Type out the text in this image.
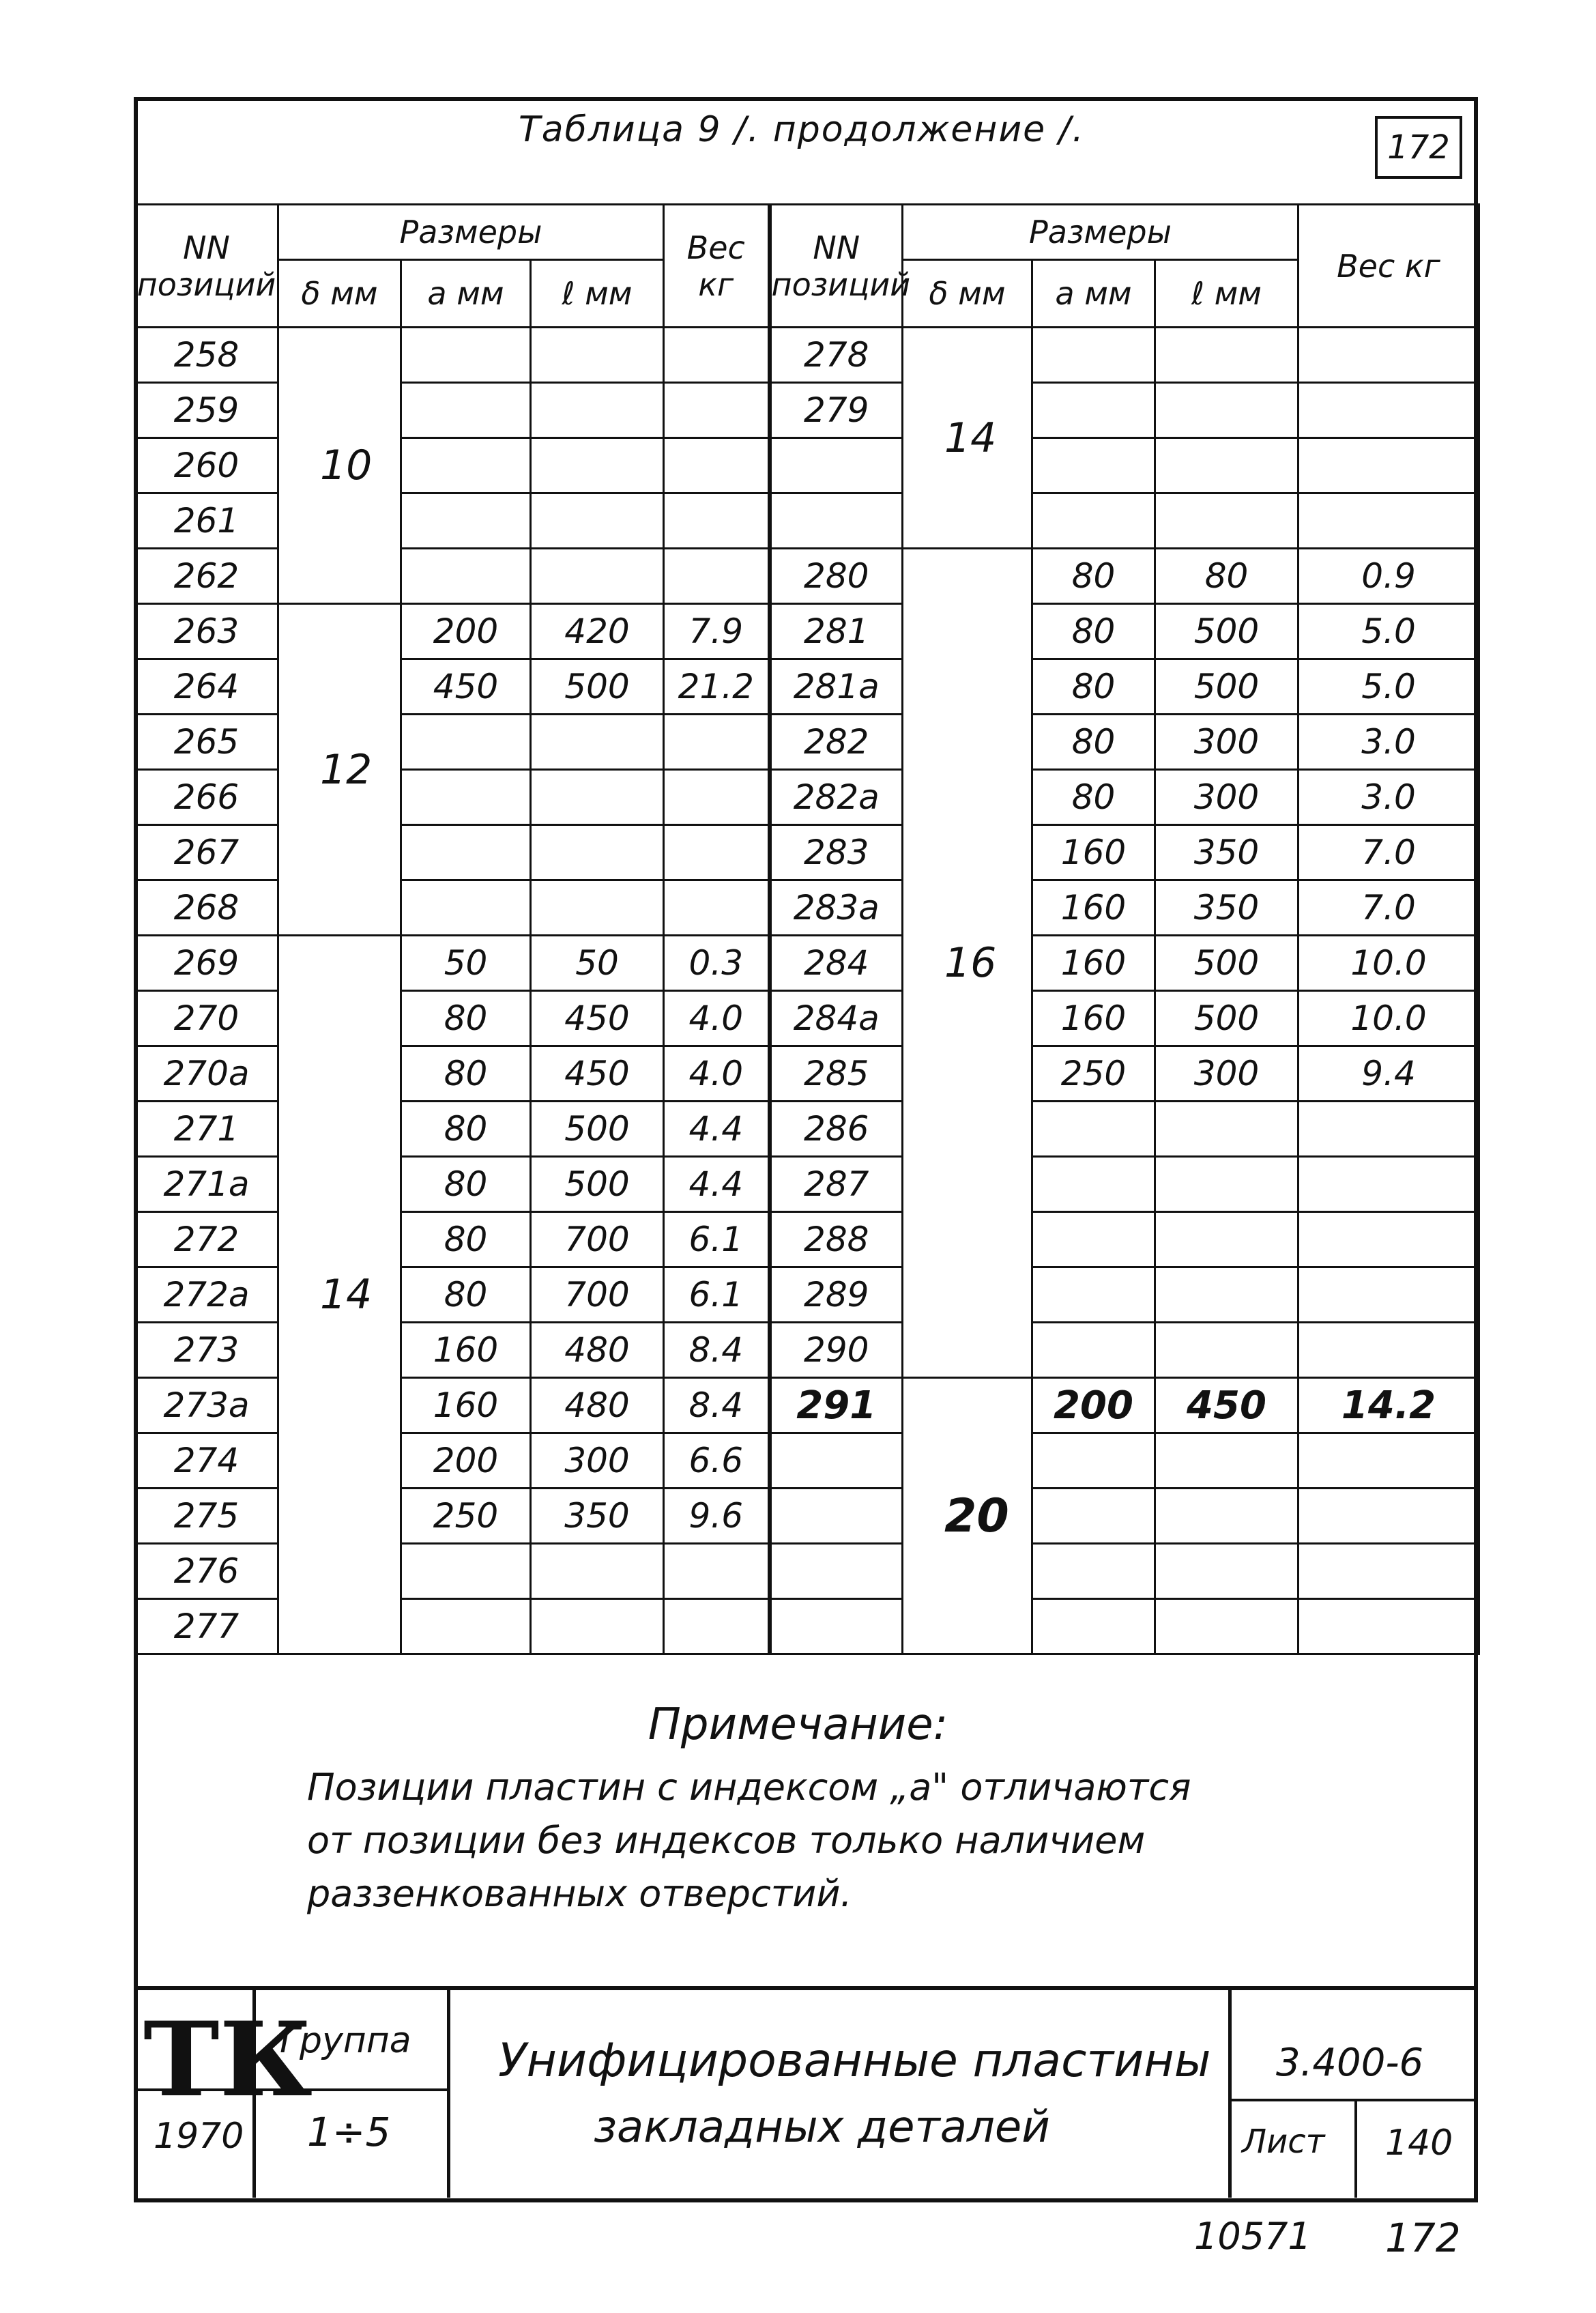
Таблица 9 /. продолжение /.	172
NN позиций	Размеры			Вес кг	NN позиций	Размеры			Вес кг
	δ мм	а мм	ℓ мм			δ мм	а мм	ℓ мм	
258	10				278	14			
259					279				
260									
261									
262					280	16	80	80	0.9
263	12	200	420	7.9	281		80	500	5.0
264		450	500	21.2	281а		80	500	5.0
265					282		80	300	3.0
266					282а		80	300	3.0
267					283		160	350	7.0
268					283а		160	350	7.0
269	14	50	50	0.3	284		160	500	10.0
270		80	450	4.0	284а		160	500	10.0
270а		80	450	4.0	285		250	300	9.4
271		80	500	4.4	286				
271а		80	500	4.4	287				
272		80	700	6.1	288				
272а		80	700	6.1	289				
273		160	480	8.4	290				
273а		160	480	8.4	291	20	200	450	14.2
274		200	300	6.6					
275		250	350	9.6					
276									
277									
Примечание:
Позиции пластин с индексом „а" отличаются
от позиции без индексов только наличием
раззенкованных отверстий.
ТК
1970
Группа
1÷5
Унифицированные пластины
закладных деталей
3.400-6
Лист 140
10571 172
